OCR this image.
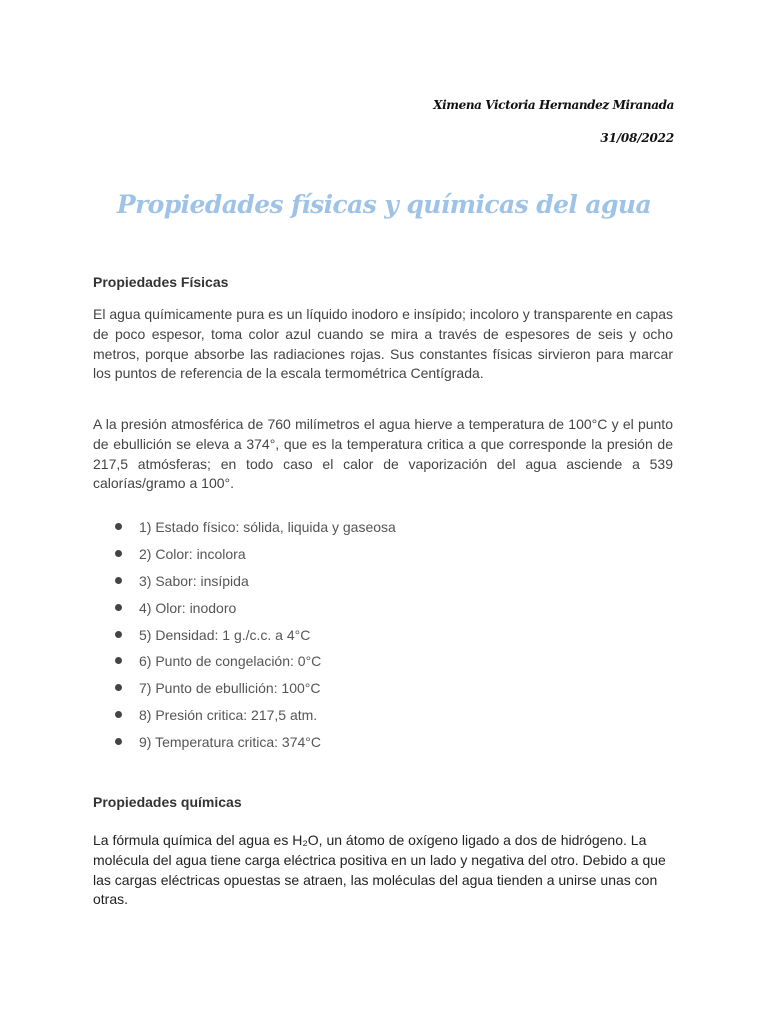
Ximena Victoria Hernandez Miranada
31/08/2022
Propiedades físicas y químicas del agua
Propiedades Físicas
El agua químicamente pura es un líquido inodoro e insípido; incoloro y transparente en capas de poco espesor, toma color azul cuando se mira a través de espesores de seis y ocho metros, porque absorbe las radiaciones rojas. Sus constantes físicas sirvieron para marcar los puntos de referencia de la escala termométrica Centígrada.
A la presión atmosférica de 760 milímetros el agua hierve a temperatura de 100°C y el punto de ebullición se eleva a 374°, que es la temperatura critica a que corresponde la presión de 217,5 atmósferas; en todo caso el calor de vaporización del agua asciende a 539 calorías/gramo a 100°.
1) Estado físico: sólida, liquida y gaseosa
2) Color: incolora
3) Sabor: insípida
4) Olor: inodoro
5) Densidad: 1 g./c.c. a 4°C
6) Punto de congelación: 0°C
7) Punto de ebullición: 100°C
8) Presión critica: 217,5 atm.
9) Temperatura critica: 374°C
Propiedades químicas
La fórmula química del agua es H₂O, un átomo de oxígeno ligado a dos de hidrógeno. La molécula del agua tiene carga eléctrica positiva en un lado y negativa del otro. Debido a que las cargas eléctricas opuestas se atraen, las moléculas del agua tienden a unirse unas con otras.
